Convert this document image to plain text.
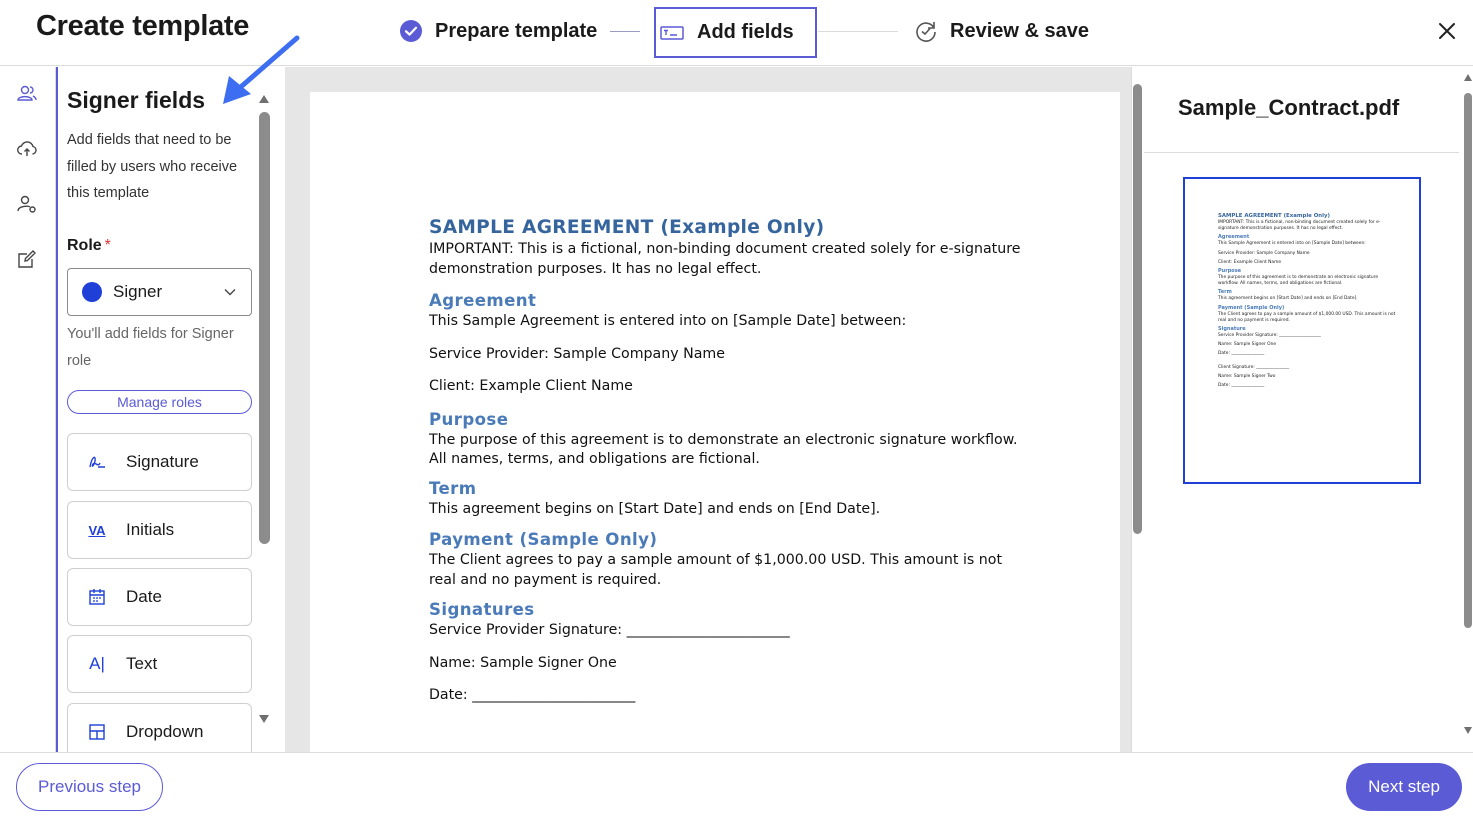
Create template	Prepare template	Add fields	Review & save
Signer fields
Add fields that need to be filled by users who receive this template
Role *
Signer
You'll add fields for Signer role
Manage roles
Signature
VA	Initials
Date
A|	Text
Dropdown
SAMPLE AGREEMENT (Example Only)

IMPORTANT: This is a fictional, non-binding document created solely for e-signature demonstration purposes. It has no legal effect.

Agreement

This Sample Agreement is entered into on [Sample Date] between:

Service Provider: Sample Company Name

Client: Example Client Name

Purpose

The purpose of this agreement is to demonstrate an electronic signature workflow. All names, terms, and obligations are fictional.

Term

This agreement begins on [Start Date] and ends on [End Date].

Payment (Sample Only)

The Client agrees to pay a sample amount of $1,000.00 USD. This amount is not real and no payment is required.

Signatures

Service Provider Signature: _______________________

Name: Sample Signer One

Date: _______________________

Sample_Contract.pdf
SAMPLE AGREEMENT (Example Only)
IMPORTANT: This is a fictional, non-binding document created solely for e-signature demonstration purposes. It has no legal effect.
Agreement
This Sample Agreement is entered into on [Sample Date] between:
Service Provider: Sample Company Name
Client: Example Client Name
Purpose
The purpose of this agreement is to demonstrate an electronic signature workflow. All names, terms, and obligations are fictional.
Term
This agreement begins on [Start Date] and ends on [End Date].
Payment (Sample Only)
The Client agrees to pay a sample amount of $1,000.00 USD. This amount is not real and no payment is required.
Signature
Service Provider Signature: ___________________
Name: Sample Signer One
Date: _______________
Client Signature: _______________
Name: Sample Signer Two
Date: _______________
Previous step	Next step
